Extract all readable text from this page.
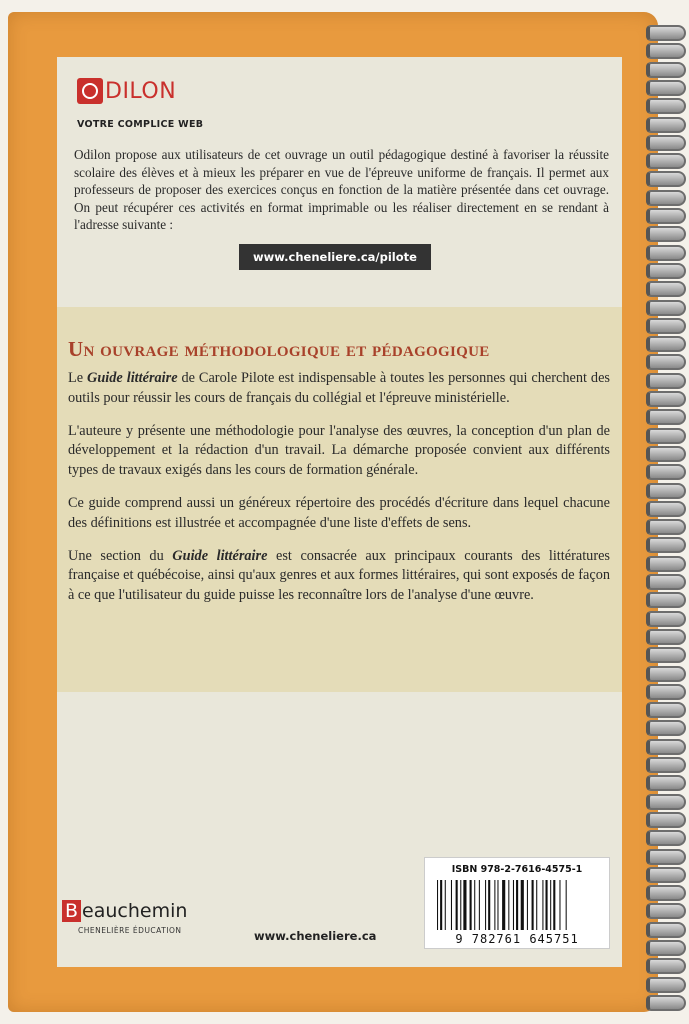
DILON
VOTRE COMPLICE WEB
Odilon propose aux utilisateurs de cet ouvrage un outil pédagogique destiné à favoriser la réussite scolaire des élèves et à mieux les préparer en vue de l'épreuve uniforme de français. Il permet aux professeurs de proposer des exercices conçus en fonction de la matière présentée dans cet ouvrage. On peut récupérer ces activités en format imprimable ou les réaliser directement en se rendant à l'adresse suivante :
www.cheneliere.ca/pilote
Un ouvrage méthodologique et pédagogique

Le Guide littéraire de Carole Pilote est indispensable à toutes les personnes qui cherchent des outils pour réussir les cours de français du collégial et l'épreuve ministérielle.

L'auteure y présente une méthodologie pour l'analyse des œuvres, la conception d'un plan de développement et la rédaction d'un travail. La démarche proposée convient aux différents types de travaux exigés dans les cours de formation générale.

Ce guide comprend aussi un généreux répertoire des procédés d'écriture dans lequel chacune des définitions est illustrée et accompagnée d'une liste d'effets de sens.

Une section du Guide littéraire est consacrée aux principaux courants des littératures française et québécoise, ainsi qu'aux genres et aux formes littéraires, qui sont exposés de façon à ce que l'utilisateur du guide puisse les reconnaître lors de l'analyse d'une œuvre.

B eauchemin
CHENELIÈRE ÉDUCATION	www.cheneliere.ca
ISBN 978-2-7616-4575-1
9 782761 645751
